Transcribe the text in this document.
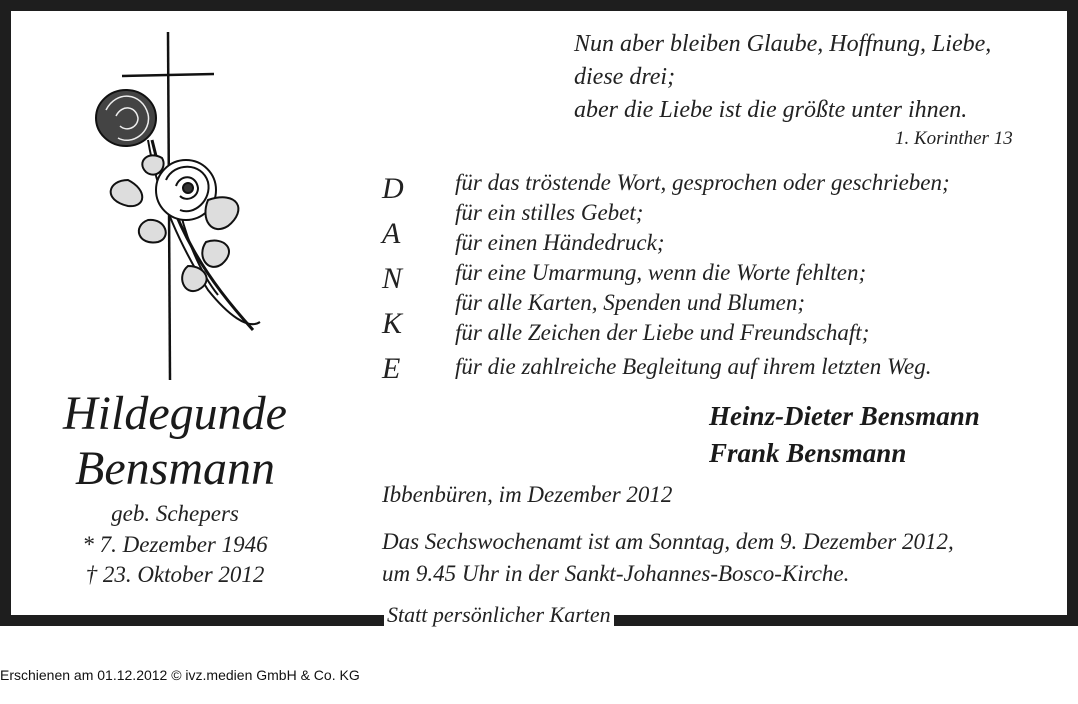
Nun aber bleiben Glaube, Hoffnung, Liebe,
diese drei;
aber die Liebe ist die größte unter ihnen.
1. Korinther 13
D
A
N
K
E
für das tröstende Wort, gesprochen oder geschrieben;
für ein stilles Gebet;
für einen Händedruck;
für eine Umarmung, wenn die Worte fehlten;
für alle Karten, Spenden und Blumen;
für alle Zeichen der Liebe und Freundschaft;
für die zahlreiche Begleitung auf ihrem letzten Weg.
Heinz-Dieter Bensmann
Frank Bensmann
Ibbenbüren, im Dezember 2012
Das Sechswochenamt ist am Sonntag, dem 9. Dezember 2012,
um 9.45 Uhr in der Sankt-Johannes-Bosco-Kirche.
Hildegunde
Bensmann
geb. Schepers
* 7. Dezember 1946
† 23. Oktober 2012
Statt persönlicher Karten
Erschienen am 01.12.2012 © ivz.medien GmbH & Co. KG
